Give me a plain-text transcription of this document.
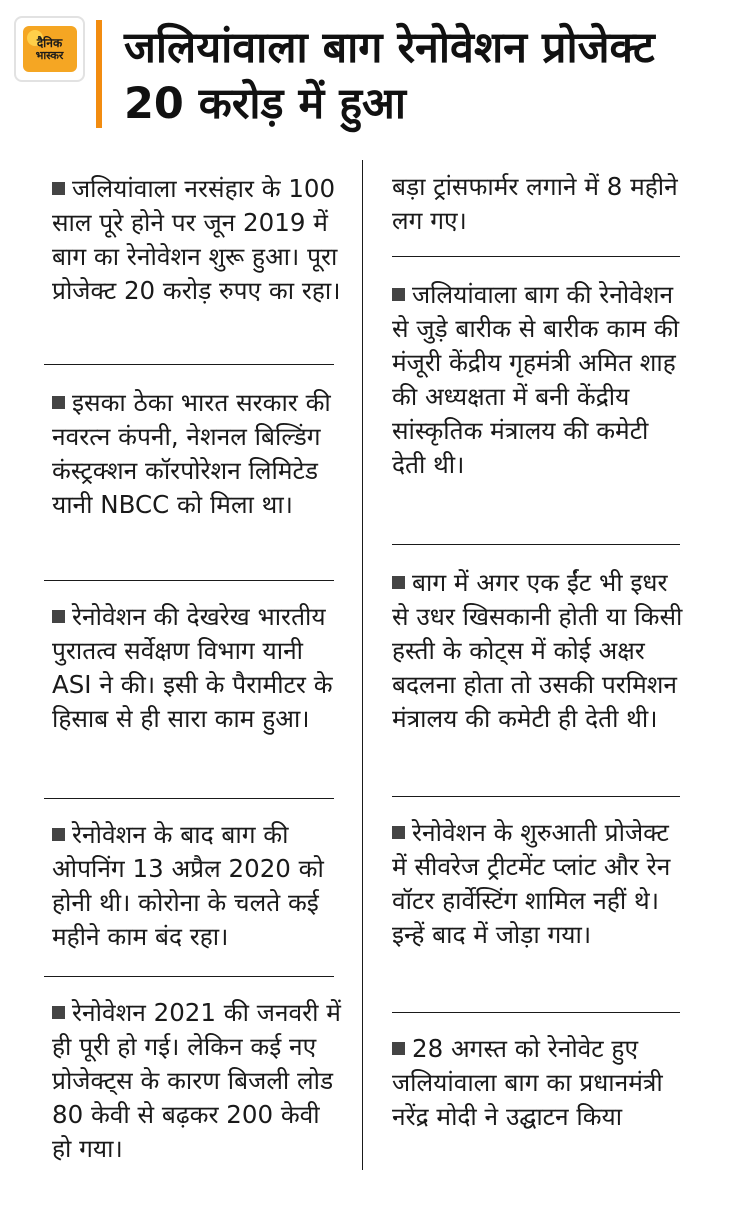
दैनिक
भास्कर जलियांवाला बाग रेनोवेशन प्रोजेक्ट 20 करोड़ में हुआ
जलियांवाला नरसंहार के 100 साल पूरे होने पर जून 2019 में बाग का रेनोवेशन शुरू हुआ। पूरा प्रोजेक्ट 20 करोड़ रुपए का रहा।
इसका ठेका भारत सरकार की नवरत्न कंपनी, नेशनल बिल्डिंग कंस्ट्रक्शन कॉरपोरेशन लिमिटेड यानी NBCC को मिला था।
रेनोवेशन की देखरेख भारतीय पुरातत्व सर्वेक्षण विभाग यानी ASI ने की। इसी के पैरामीटर के हिसाब से ही सारा काम हुआ।
रेनोवेशन के बाद बाग की ओपनिंग 13 अप्रैल 2020 को होनी थी। कोरोना के चलते कई महीने काम बंद रहा।
रेनोवेशन 2021 की जनवरी में ही पूरी हो गई। लेकिन कई नए प्रोजेक्ट्स के कारण बिजली लोड 80 केवी से बढ़कर 200 केवी हो गया।
बड़ा ट्रांसफार्मर लगाने में 8 महीने लग गए।
जलियांवाला बाग की रेनोवेशन से जुड़े बारीक से बारीक काम की मंजूरी केंद्रीय गृहमंत्री अमित शाह की अध्यक्षता में बनी केंद्रीय सांस्कृतिक मंत्रालय की कमेटी देती थी।
बाग में अगर एक ईंट भी इधर से उधर खिसकानी होती या किसी हस्ती के कोट्स में कोई अक्षर बदलना होता तो उसकी परमिशन मंत्रालय की कमेटी ही देती थी।
रेनोवेशन के शुरुआती प्रोजेक्ट में सीवरेज ट्रीटमेंट प्लांट और रेन वॉटर हार्वेस्टिंग शामिल नहीं थे। इन्हें बाद में जोड़ा गया।
28 अगस्त को रेनोवेट हुए जलियांवाला बाग का प्रधानमंत्री नरेंद्र मोदी ने उद्घाटन किया
